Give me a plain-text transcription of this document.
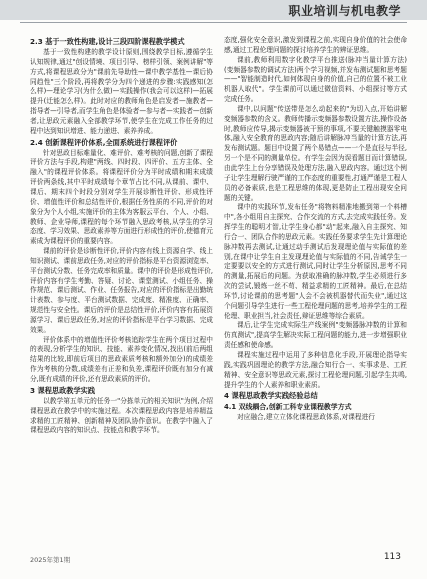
职业培训与机电教学
2.3 基于一致性构建,设计三段四阶课程教学模式

基于一致性构建的教学设计原则,围绕教学目标,遵循学生认知规律,通过"创设情境、项目引导、榜样引领、案例讲解"等方式,将课程思政分为"课前先导助性—课中教学基性—课后协同趋性"三个阶段,再将教学分为四个递进的步骤:实践感知(怎么样)—理论学习(为什么做)—实践操作(我会可以这样)—拓展提升(迁能怎么样)。此时对应的教师角色是启发者—施教者—指导者—引导者,而学生角色是体验者—参与者—实践者—创新者,让思政元素融入全部教学环节,使学生在完成工作任务的过程中达到知识增进、能力递进、素养养成。

2.4 创新课程评价体系,全面系统进行课程评价

针对思政目标难量化、难评价、难考核的问题,创新了课程评价方法与手段,构建"两线、四时段、四评价、五方主体、全融入"的课程评价体系。将课程评价分为平时成绩和期末成绩评价两条线,其中平时成绩每个章节占比不同,从课前、课中、课后、期末四个时段分别对学生开展诊断性评价、形成性评价、增值性评价和总结性评价,根据任务性质的不同,评价的对象分为个人小组,实施评价的主体为客服云平台、个人、小组、教师、企业导师,课程的每个环节融入思政考核,从学生的学习态度、学习效果、思政素养等方面进行形成性的评价,使德育元素成为课程评价的重要内容。

课前的评价是诊断性评价,评价内容有线上资源自学、线上知识测试、课前思政任务,对应的评价指标是平台资源浏览率、平台测试分数、任务完成率和质量。课中的评价是形成性评价,评价内容有学生考勤、答疑、讨论、课堂测试、小组任务、操作规范、课后测试、作业、任务报告,对应的评价指标是出勤统计表数、参与度、平台测试数据、完成度、精准度、正确率、规范性与安全性。课后的评价是总结性评价,评价内容有拓展资源学习、课后思政任务,对应的评价指标是平台学习数据、完成效果。

评价体系中的增值性评价考核追踪学生在两个项目过程中的表现,分析学生的知识、技能、素养变化情况,找出(前后两组结果的比较,即前后项目的思政素质考核和额外加分)的成绩差作为考核的分数,成绩差有正差和负差,课程评价既有加分有减分,既有成绩的评价,还有思政素质的评价。

3 课程思政教学实践

以教学第五单元的任务一"分拣单元的相关知识"为例,介绍课程思政在教学中的实施过程。本次课程思政内容是培养精益求精的工匠精神、创新精神及团队协作意识。在教学中融入了课程思政内容的知识点、技能点和教学环节。

态度,强化安全意识,激发到课程之前,实现自身价值的社会使命感,通过工程伦理问题的探讨培养学生的辨证思维。

课前,教师利用数字化教学平台推送(脉冲当量计算方法)(变频器参数的调试方法)两个学习视频,并发布测试题和思考题——"智能制造时代,如何体现自身的价值,自己的位置不被工业机器人取代"。学生课前可以通过微信资料、小组探讨等方式完成任务。

课中,以问题"传送带是怎么动起来的"为切入点,开始讲解变频器参数的含义。教师传播示变频器参数设置方法,操作设备时,教师应传导,揭示变频器被干预的事项,不要关键触摸器零电体,融入安全教育的思政内容;随后讲解脉冲当量的计算方法,再发布测试题。题目中设置了两个易错点——一个是直径与半径,另一个是不同的测量单位。有学生会因为误看题目而计算错误,由此学生上台分享错误及处理方法,融入思政内容。通过这个例子让学生理解行驶严谨的工作态度的重要性,打通严谨是工程人员的必备素质,也是工程思维的体现,更是防止工程出现安全问题的关键。

课中的实践环节,发布任务"将物料精准地搬到第一个料槽中",各小组用自主探究、合作交流的方式,去完成实践任务。发挥学生的聪明才智,让学生身心都"动"起来,融入自主探究、知行合一、团队合作的思政元素。实践任务要求学生先计算理论脉冲数再去测试,让通过动手测试后发现理论值与实际值的差别,在课中让学生自主发现理论值与实际值的不同,告诫学生一定要要以安全的方式进行测试,同时让学生分析原因,思考不同的测量,拓展后的问题。为获取准确的脉冲数,学生必须进行多次的尝试,锻炼一丝不苟、精益求精的工匠精神。最后,在总结环节,讨论课前的思考题"人会不会被机器替代而失业",通过这个问题引导学生进行一些工程伦理问题的思考,培养学生的工程伦理、职业担当,社会责任,辩证思维等综合素质。

课后,让学生完成实际生产线案例"变频器脉冲数的计算和仿真测试",提高学生解决实际工程问题的能力,进一步增强职业责任感和使命感。

课程实施过程中运用了多种信息化手段,开展理论指导实践,实践巩固理论的教学方法,融合知行合一、实事求是、工匠精神、安全意识等思政元素,探讨工程伦理问题,引起学生共鸣,提升学生的个人素养和职业素质。

4 课程思政教学实践经验总结
4.1 双线耦合,创新工科专业课程教学方式

对应融合,建立立体化课程思政体系,对课程进行

2025年第1期	113
